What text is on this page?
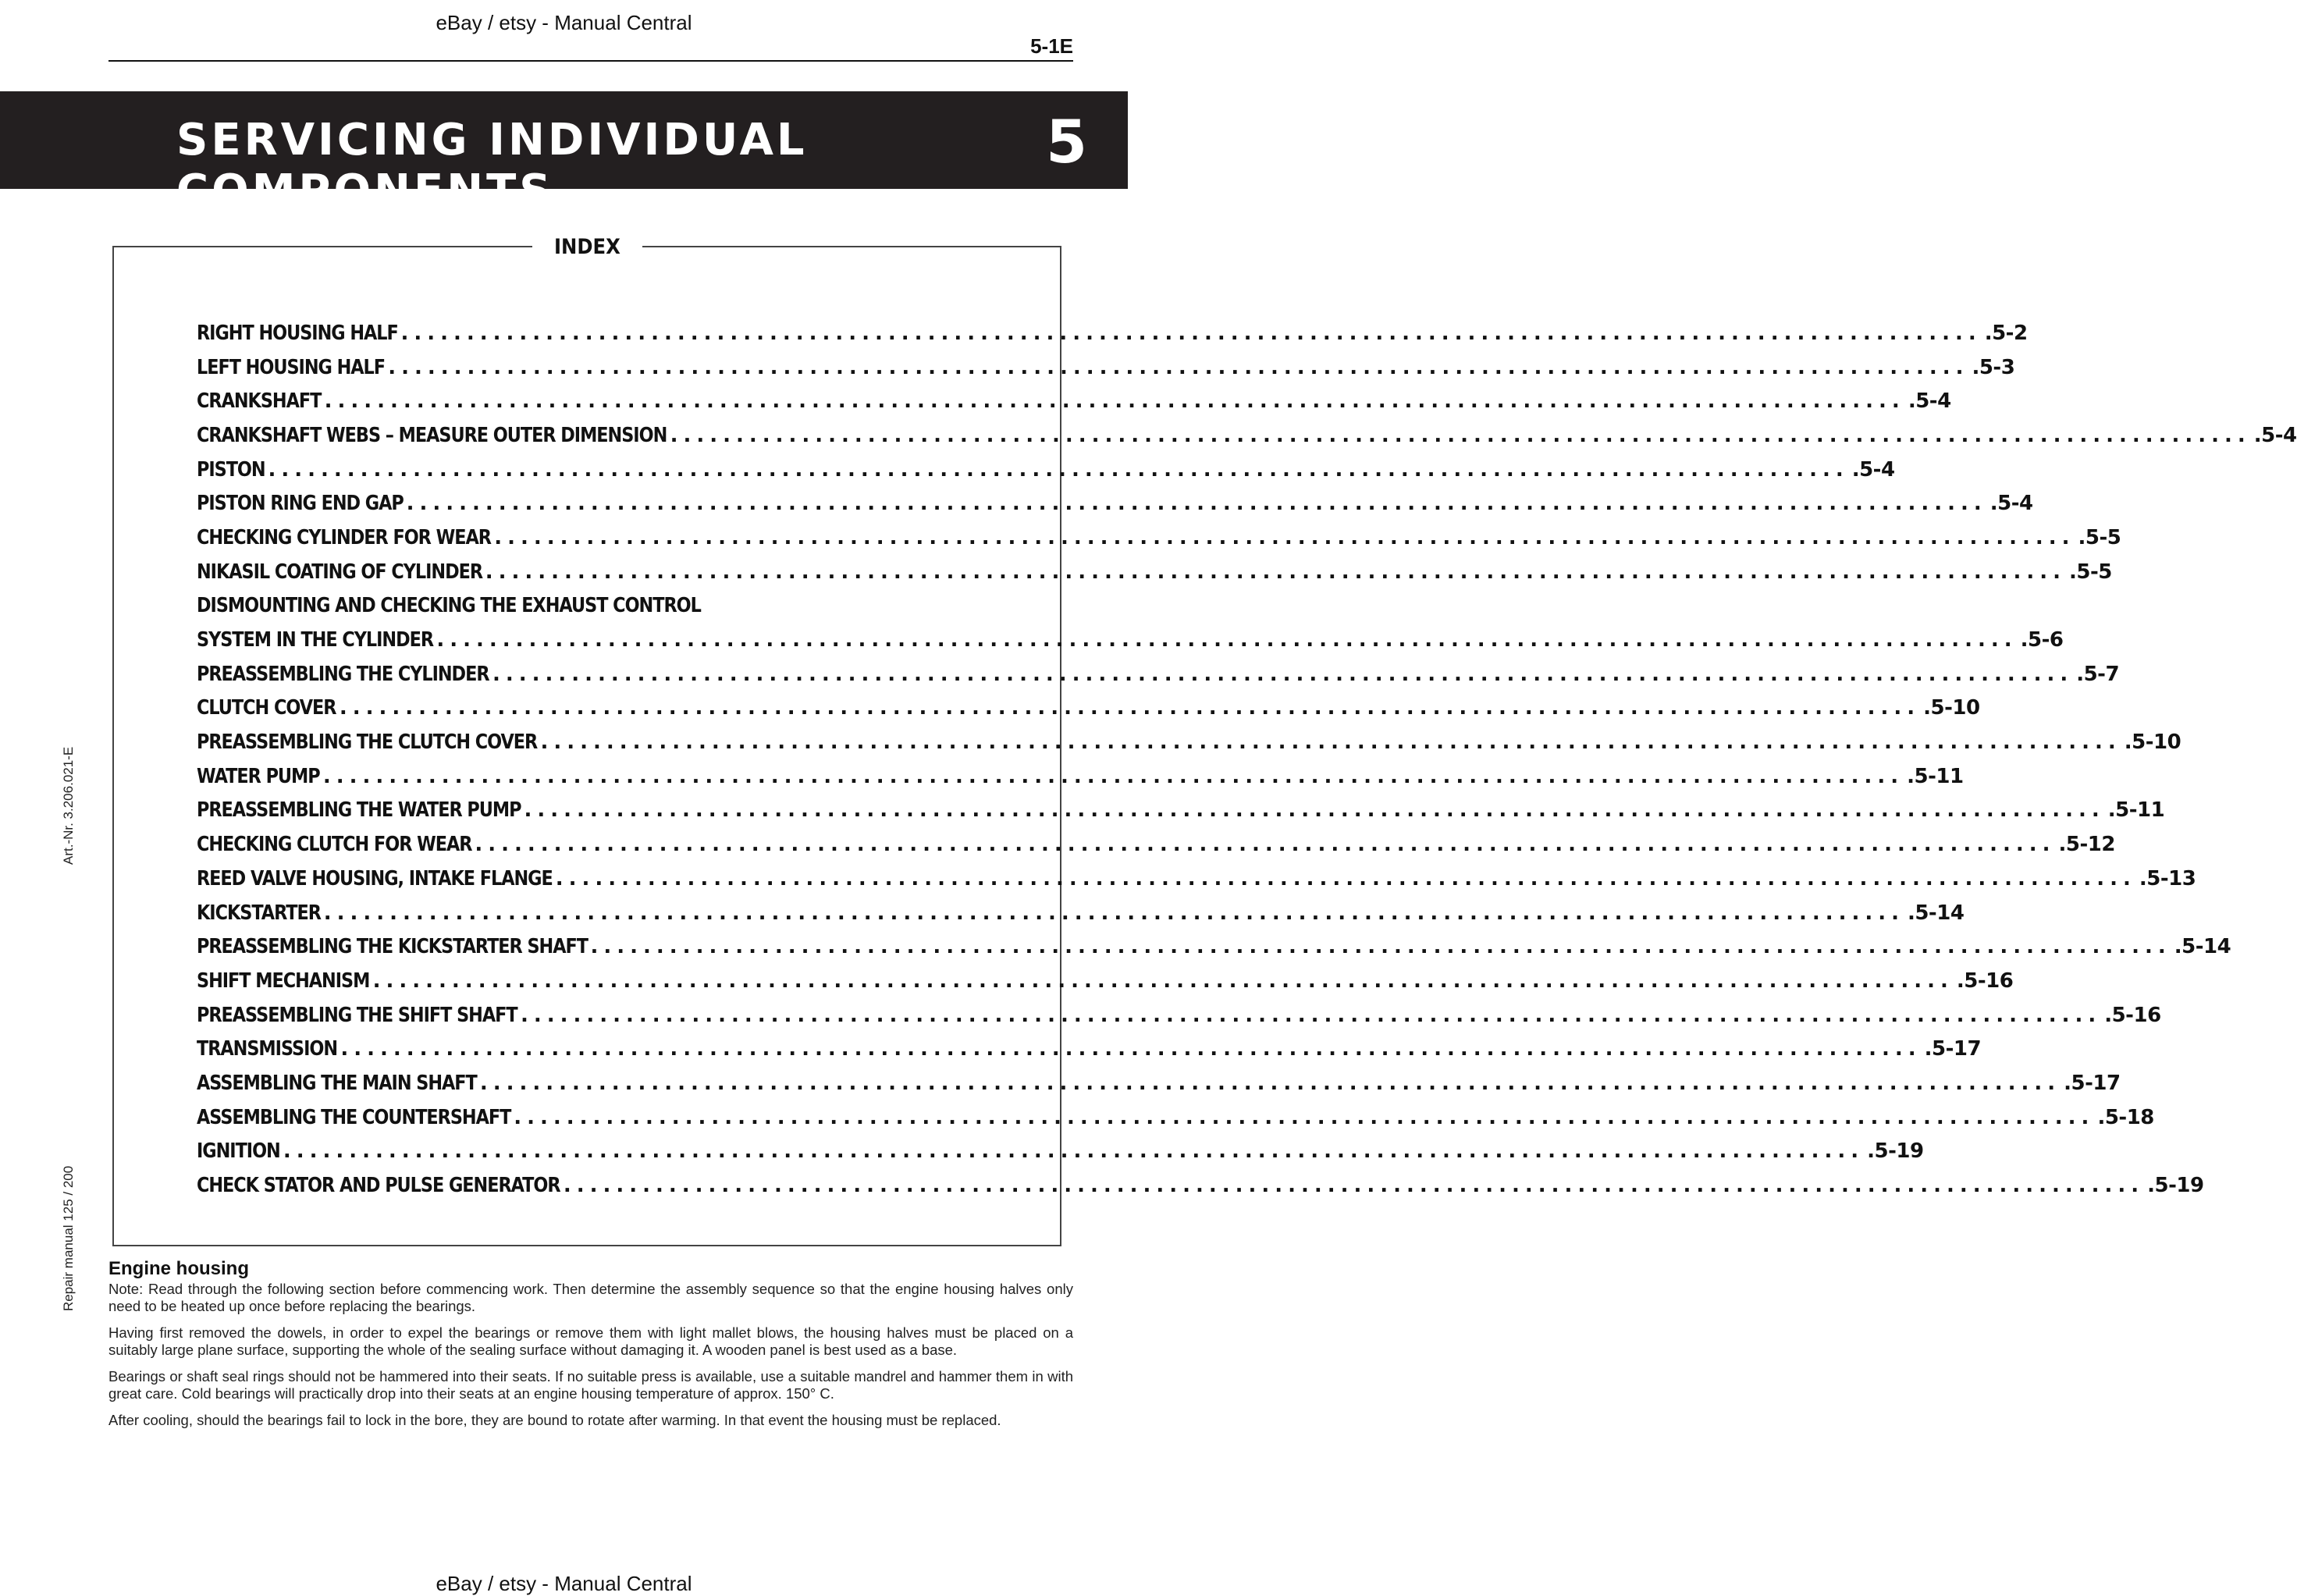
eBay / etsy - Manual Central
5-1E
SERVICING INDIVIDUAL COMPONENTS
5
INDEX
RIGHT HOUSING HALF ........................................................................................................................ .5-2
LEFT HOUSING HALF ........................................................................................................................ .5-3
CRANKSHAFT ........................................................................................................................ .5-4
CRANKSHAFT WEBS – MEASURE OUTER DIMENSION ........................................................................................................................ .5-4
PISTON ........................................................................................................................ .5-4
PISTON RING END GAP ........................................................................................................................ .5-4
CHECKING CYLINDER FOR WEAR ........................................................................................................................ .5-5
NIKASIL COATING OF CYLINDER ........................................................................................................................ .5-5
DISMOUNTING AND CHECKING THE EXHAUST CONTROL
SYSTEM IN THE CYLINDER ........................................................................................................................ .5-6
PREASSEMBLING THE CYLINDER ........................................................................................................................ .5-7
CLUTCH COVER ........................................................................................................................ .5-10
PREASSEMBLING THE CLUTCH COVER ........................................................................................................................ .5-10
WATER PUMP ........................................................................................................................ .5-11
PREASSEMBLING THE WATER PUMP ........................................................................................................................ .5-11
CHECKING CLUTCH FOR WEAR ........................................................................................................................ .5-12
REED VALVE HOUSING, INTAKE FLANGE ........................................................................................................................ .5-13
KICKSTARTER ........................................................................................................................ .5-14
PREASSEMBLING THE KICKSTARTER SHAFT ........................................................................................................................ .5-14
SHIFT MECHANISM ........................................................................................................................ .5-16
PREASSEMBLING THE SHIFT SHAFT ........................................................................................................................ .5-16
TRANSMISSION ........................................................................................................................ .5-17
ASSEMBLING THE MAIN SHAFT ........................................................................................................................ .5-17
ASSEMBLING THE COUNTERSHAFT ........................................................................................................................ .5-18
IGNITION ........................................................................................................................ .5-19
CHECK STATOR AND PULSE GENERATOR ........................................................................................................................ .5-19
Art.-Nr. 3.206.021-E
Repair manual 125 / 200 Engine housing

Note: Read through the following section before commencing work. Then determine the assembly sequence so that the engine housing halves only need to be heated up once before replacing the bearings.

Having first removed the dowels, in order to expel the bearings or remove them with light mallet blows, the housing halves must be placed on a suitably large plane surface, supporting the whole of the sealing surface without damaging it. A wooden panel is best used as a base.

Bearings or shaft seal rings should not be hammered into their seats. If no suitable press is available, use a suitable mandrel and hammer them in with great care. Cold bearings will practically drop into their seats at an engine housing temperature of approx. 150° C.

After cooling, should the bearings fail to lock in the bore, they are bound to rotate after warming. In that event the housing must be replaced.

eBay / etsy - Manual Central
